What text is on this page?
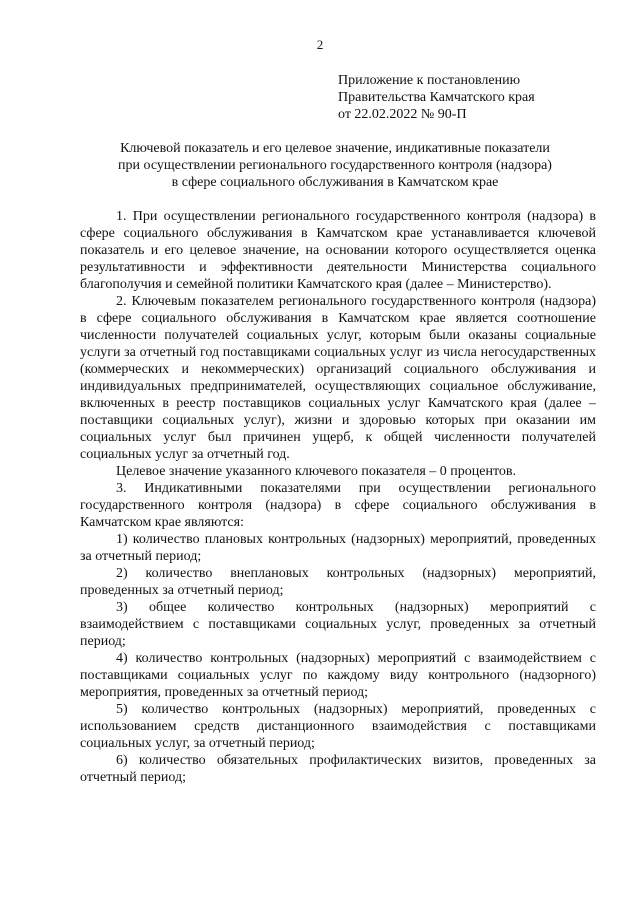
2
Приложение к постановлению
Правительства Камчатского края
от 22.02.2022 № 90-П
Ключевой показатель и его целевое значение, индикативные показатели
при осуществлении регионального государственного контроля (надзора)
в сфере социального обслуживания в Камчатском крае

1. При осуществлении регионального государственного контроля (надзора) в сфере социального обслуживания в Камчатском крае устанавливается ключевой показатель и его целевое значение, на основании которого осуществляется оценка результативности и эффективности деятельности Министерства социального благополучия и семейной политики Камчатского края (далее – Министерство).

2. Ключевым показателем регионального государственного контроля (надзора) в сфере социального обслуживания в Камчатском крае является соотношение численности получателей социальных услуг, которым были оказаны социальные услуги за отчетный год поставщиками социальных услуг из числа негосударственных (коммерческих и некоммерческих) организаций социального обслуживания и индивидуальных предпринимателей, осуществляющих социальное обслуживание, включенных в реестр поставщиков социальных услуг Камчатского края (далее – поставщики социальных услуг), жизни и здоровью которых при оказании им социальных услуг был причинен ущерб, к общей численности получателей социальных услуг за отчетный год.

Целевое значение указанного ключевого показателя – 0 процентов.

3. Индикативными показателями при осуществлении регионального государственного контроля (надзора) в сфере социального обслуживания в Камчатском крае являются:

1) количество плановых контрольных (надзорных) мероприятий, проведенных за отчетный период;

2) количество внеплановых контрольных (надзорных) мероприятий, проведенных за отчетный период;

3) общее количество контрольных (надзорных) мероприятий с взаимодействием с поставщиками социальных услуг, проведенных за отчетный период;

4) количество контрольных (надзорных) мероприятий с взаимодействием с поставщиками социальных услуг по каждому виду контрольного (надзорного) мероприятия, проведенных за отчетный период;

5) количество контрольных (надзорных) мероприятий, проведенных с использованием средств дистанционного взаимодействия с поставщиками социальных услуг, за отчетный период;

6) количество обязательных профилактических визитов, проведенных за отчетный период;
